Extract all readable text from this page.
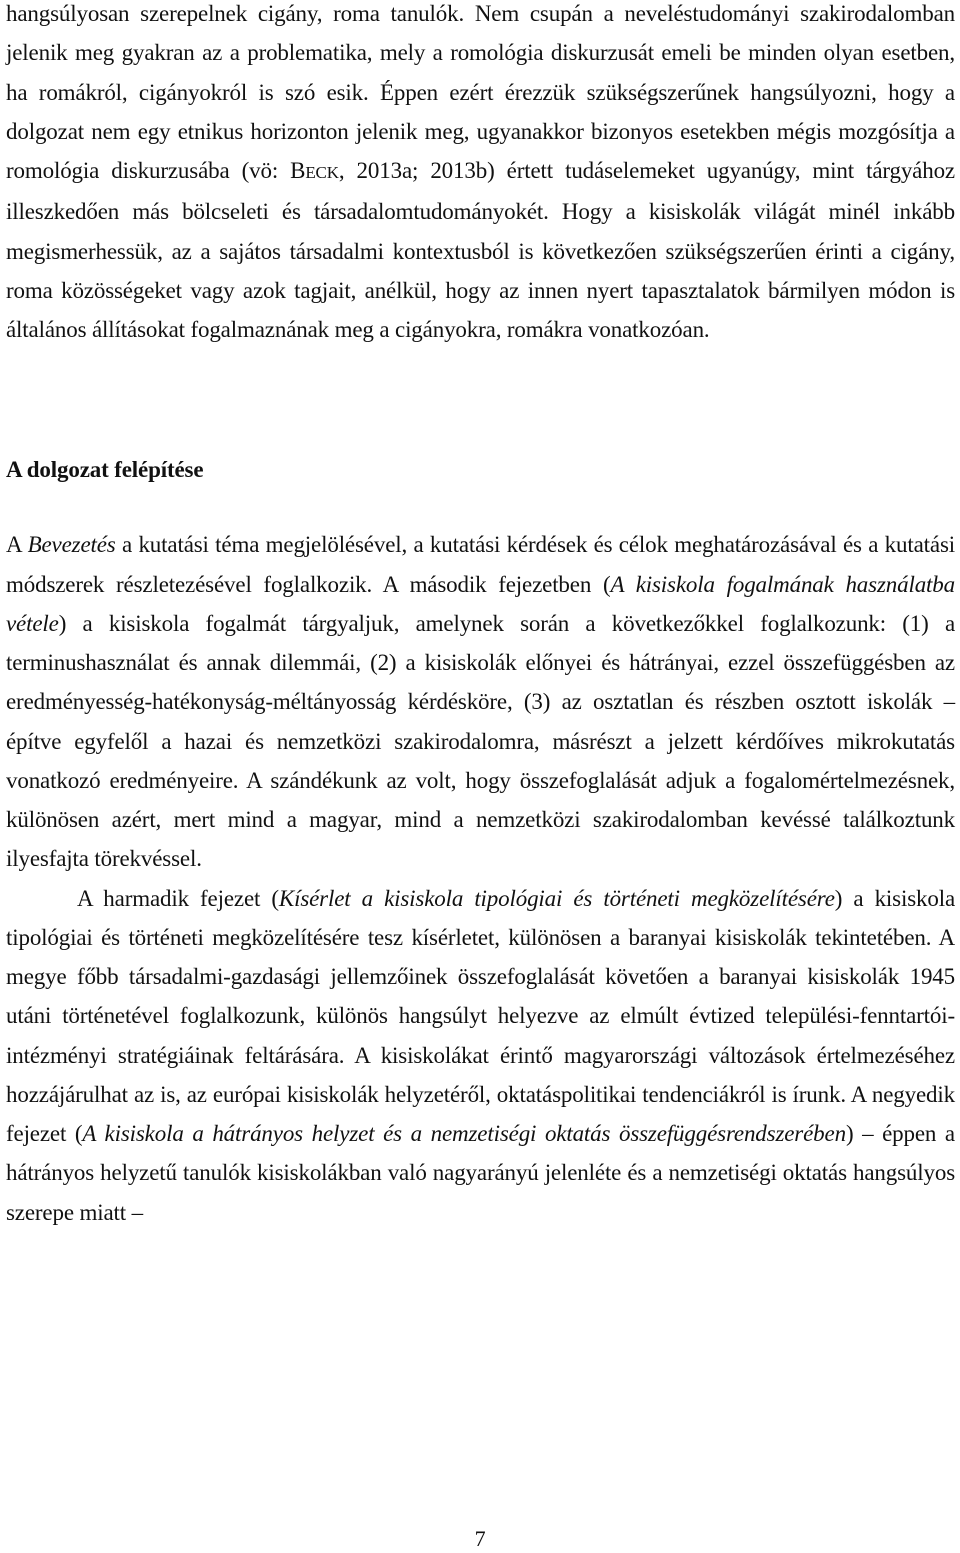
hangsúlyosan szerepelnek cigány, roma tanulók. Nem csupán a neveléstudományi szakirodalomban jelenik meg gyakran az a problematika, mely a romológia diskurzusát emeli be minden olyan esetben, ha romákról, cigányokról is szó esik. Éppen ezért érezzük szükségszerűnek hangsúlyozni, hogy a dolgozat nem egy etnikus horizonton jelenik meg, ugyanakkor bizonyos esetekben mégis mozgósítja a romológia diskurzusába (vö: BECK, 2013a; 2013b) értett tudáselemeket ugyanúgy, mint tárgyához illeszkedően más bölcseleti és társadalomtudományokét. Hogy a kisiskolák világát minél inkább megismerhessük, az a sajátos társadalmi kontextusból is következően szükségszerűen érinti a cigány, roma közösségeket vagy azok tagjait, anélkül, hogy az innen nyert tapasztalatok bármilyen módon is általános állításokat fogalmaznának meg a cigányokra, romákra vonatkozóan.

A dolgozat felépítése

A Bevezetés a kutatási téma megjelölésével, a kutatási kérdések és célok meghatározásával és a kutatási módszerek részletezésével foglalkozik. A második fejezetben (A kisiskola fogalmának használatba vétele) a kisiskola fogalmát tárgyaljuk, amelynek során a következőkkel foglalkozunk: (1) a terminushasználat és annak dilemmái, (2) a kisiskolák előnyei és hátrányai, ezzel összefüggésben az eredményesség-hatékonyság-méltányosság kérdésköre, (3) az osztatlan és részben osztott iskolák – építve egyfelől a hazai és nemzetközi szakirodalomra, másrészt a jelzett kérdőíves mikrokutatás vonatkozó eredményeire. A szándékunk az volt, hogy összefoglalását adjuk a fogalomértelmezésnek, különösen azért, mert mind a magyar, mind a nemzetközi szakirodalomban kevéssé találkoztunk ilyesfajta törekvéssel.

A harmadik fejezet (Kísérlet a kisiskola tipológiai és történeti megközelítésére) a kisiskola tipológiai és történeti megközelítésére tesz kísérletet, különösen a baranyai kisiskolák tekintetében. A megye főbb társadalmi-gazdasági jellemzőinek összefoglalását követően a baranyai kisiskolák 1945 utáni történetével foglalkozunk, különös hangsúlyt helyezve az elmúlt évtized települési-fenntartói-intézményi stratégiáinak feltárására. A kisiskolákat érintő magyarországi változások értelmezéséhez hozzájárulhat az is, az európai kisiskolák helyzetéről, oktatáspolitikai tendenciákról is írunk. A negyedik fejezet (A kisiskola a hátrányos helyzet és a nemzetiségi oktatás összefüggésrendszerében) – éppen a hátrányos helyzetű tanulók kisiskolákban való nagyarányú jelenléte és a nemzetiségi oktatás hangsúlyos szerepe miatt –

7
